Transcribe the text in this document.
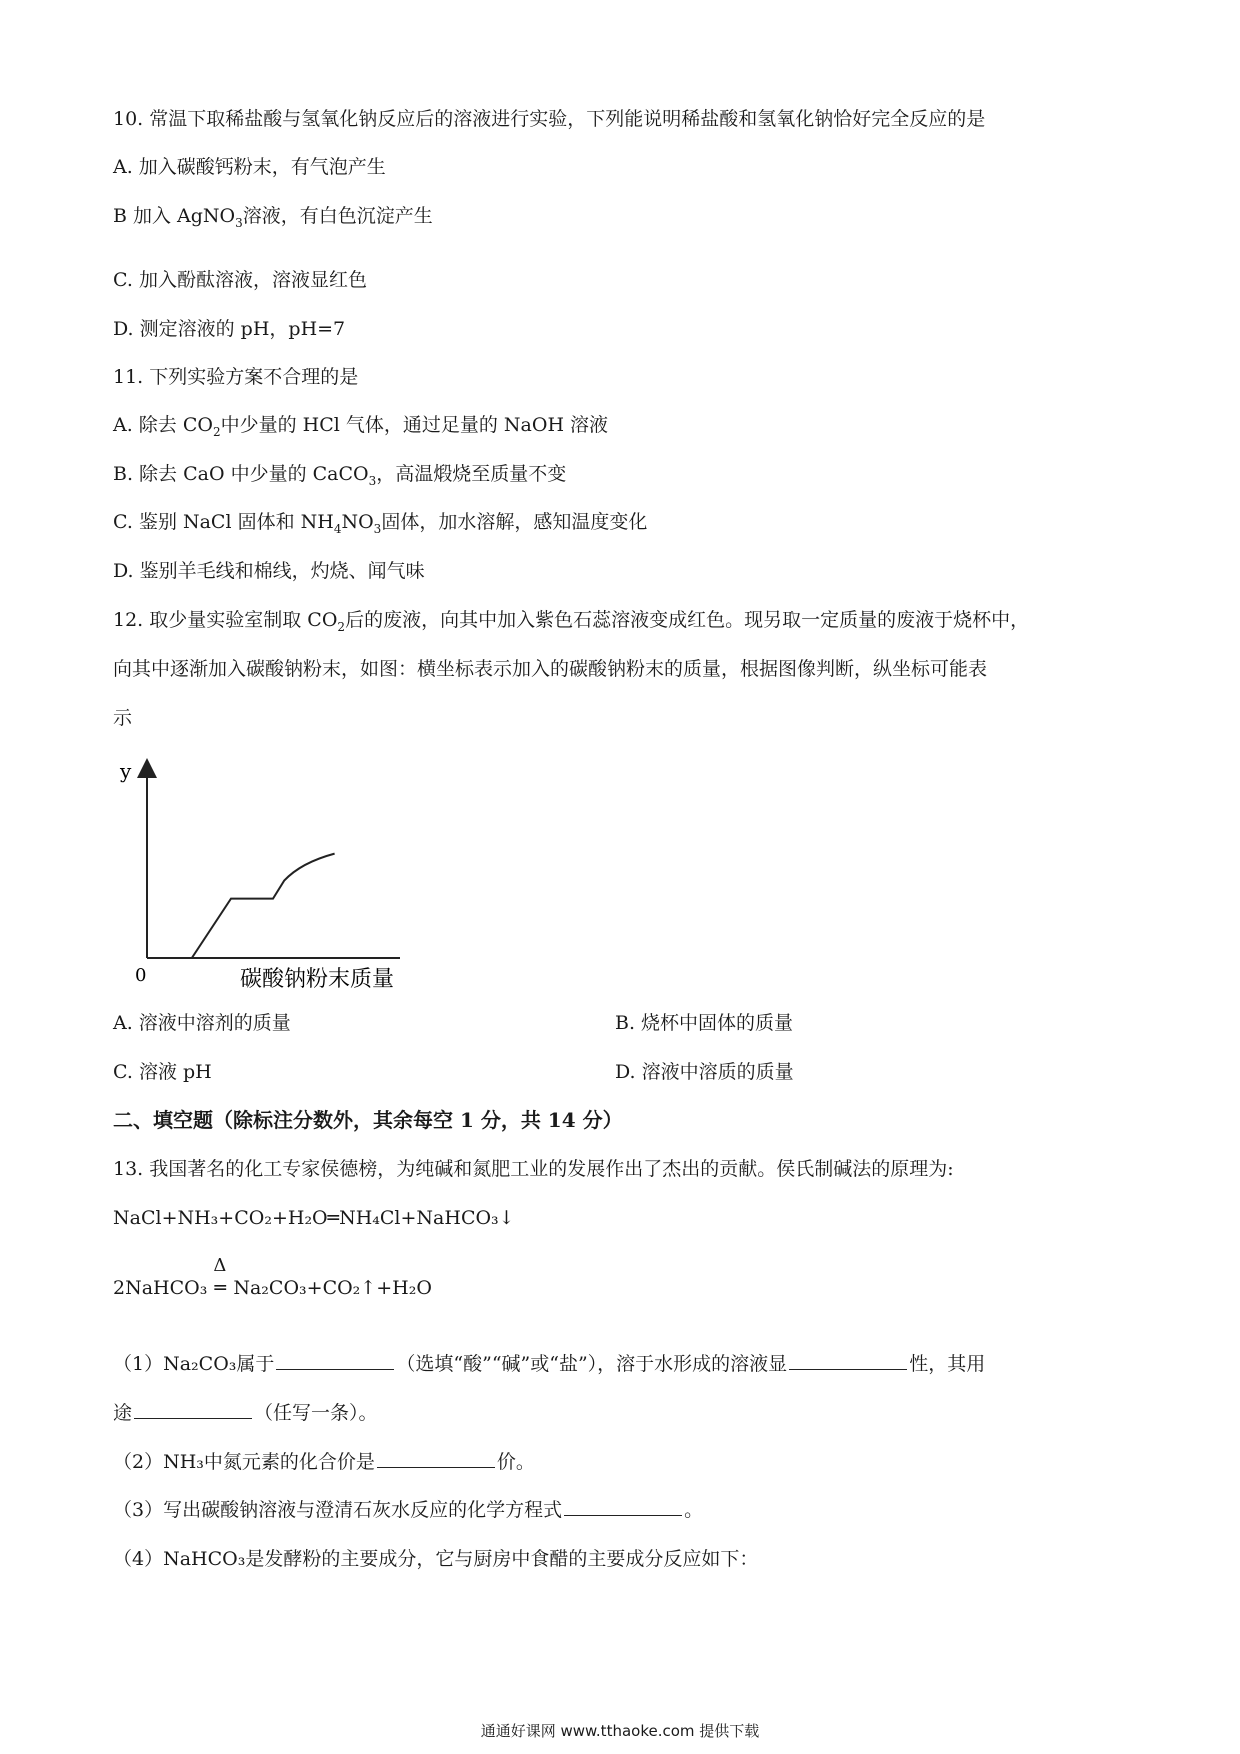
10. 常温下取稀盐酸与氢氧化钠反应后的溶液进行实验，下列能说明稀盐酸和氢氧化钠恰好完全反应的是
A. 加入碳酸钙粉末，有气泡产生
B 加入 AgNO$_3$溶液，有白色沉淀产生
C. 加入酚酞溶液，溶液显红色
D. 测定溶液的 pH，pH=7
11. 下列实验方案不合理的是
A. 除去 $CO_2$中少量的 HCl 气体，通过足量的 NaOH 溶液
B. 除去 CaO 中少量的 CaCO$_3$，高温煅烧至质量不变
C. 鉴别 NaCl 固体和 $NH_4NO_3$固体，加水溶解，感知温度变化
D. 鉴别羊毛线和棉线，灼烧、闻气味
12. 取少量实验室制取 $CO_2$后的废液，向其中加入紫色石蕊溶液变成红色。现另取一定质量的废液于烧杯中，
向其中逐渐加入碳酸钠粉末，如图：横坐标表示加入的碳酸钠粉末的质量，根据图像判断，纵坐标可能表
示
y
0	碳酸钠粉末质量
A. 溶液中溶剂的质量	B. 烧杯中固体的质量
C. 溶液 pH	D. 溶液中溶质的质量
二、填空题（除标注分数外，其余每空 1 分，共 14 分）
13. 我国著名的化工专家侯德榜，为纯碱和氮肥工业的发展作出了杰出的贡献。侯氏制碱法的原理为:
NaCl+NH₃+CO₂+H₂O═NH₄Cl+NaHCO₃↓
2NaHCO₃
Δ
═ Na₂CO₃+CO₂↑+H₂O
（1）Na₂CO₃属于	（选填“酸”“碱”或“盐”），溶于水形成的溶液显	性，其用
途	（任写一条）。
（2）NH₃中氮元素的化合价是	价。
（3）写出碳酸钠溶液与澄清石灰水反应的化学方程式	。
（4）NaHCO₃是发酵粉的主要成分，它与厨房中食醋的主要成分反应如下：
通通好课网 www.tthaoke.com 提供下载
